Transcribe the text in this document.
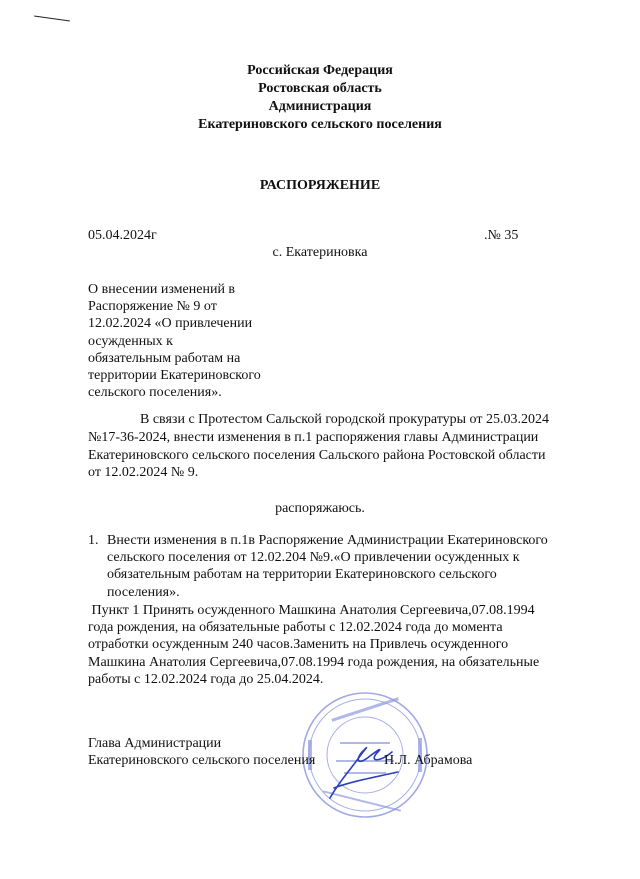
Российская Федерация
Ростовская область
Администрация
Екатериновского сельского поселения
РАСПОРЯЖЕНИЕ
05.04.2024г	.№ 35
с. Екатериновка
О внесении изменений в
Распоряжение № 9 от
12.02.2024 «О привлечении
осужденных к
обязательным работам на
территории Екатериновского
сельского поселения».
В связи с Протестом Сальской городской прокуратуры от 25.03.2024
№17-36-2024, внести изменения в п.1 распоряжения главы Администрации
Екатериновского сельского поселения Сальского района Ростовской области
от 12.02.2024 № 9.
распоряжаюсь.
1. Внести изменения в п.1в Распоряжение Администрации Екатериновского
сельского поселения от 12.02.204 №9.«О привлечении осужденных к
обязательным работам на территории Екатериновского сельского
поселения».
Пункт 1 Принять осужденного Машкина Анатолия Сергеевича,07.08.1994
года рождения, на обязательные работы с 12.02.2024 года до момента
отработки осужденным 240 часов.Заменить на Привлечь осужденного
Машкина Анатолия Сергеевича,07.08.1994 года рождения, на обязательные
работы с 12.02.2024 года до 25.04.2024.
Глава Администрации
Екатериновского сельского поселения	Н.Л. Абрамова
